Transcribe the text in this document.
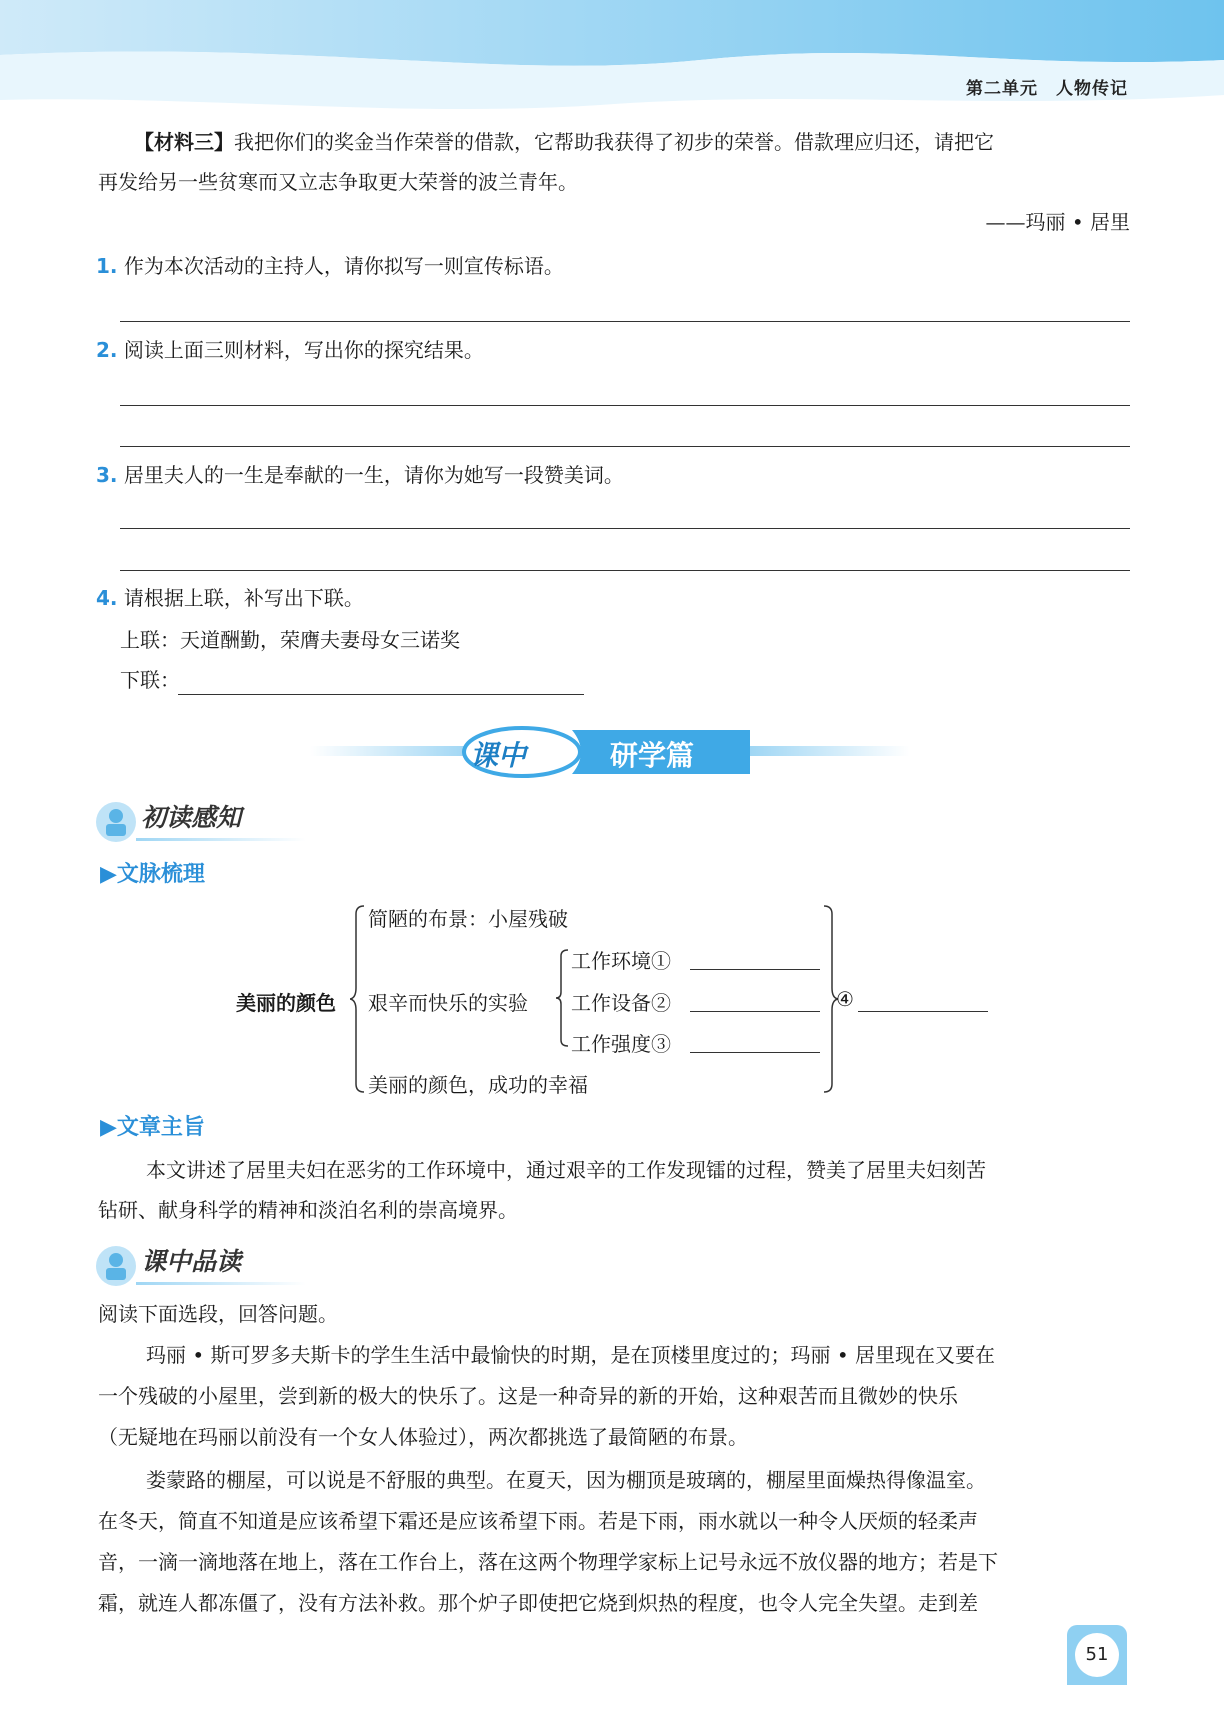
第二单元 人物传记
【材料三】我把你们的奖金当作荣誉的借款，它帮助我获得了初步的荣誉。借款理应归还，请把它
再发给另一些贫寒而又立志争取更大荣誉的波兰青年。
——玛丽 • 居里
1. 作为本次活动的主持人，请你拟写一则宣传标语。
2. 阅读上面三则材料，写出你的探究结果。
3. 居里夫人的一生是奉献的一生，请你为她写一段赞美词。
4. 请根据上联，补写出下联。
上联：天道酬勤，荣膺夫妻母女三诺奖
下联：
课中	研学篇
初读感知
▶文脉梳理
美丽的颜色
简陋的布景：小屋残破
艰辛而快乐的实验
美丽的颜色，成功的幸福
工作环境①
工作设备②
工作强度③
④
▶文章主旨
本文讲述了居里夫妇在恶劣的工作环境中，通过艰辛的工作发现镭的过程，赞美了居里夫妇刻苦
钻研、献身科学的精神和淡泊名利的崇高境界。
课中品读
阅读下面选段，回答问题。
玛丽 • 斯可罗多夫斯卡的学生生活中最愉快的时期，是在顶楼里度过的；玛丽 • 居里现在又要在
一个残破的小屋里，尝到新的极大的快乐了。这是一种奇异的新的开始，这种艰苦而且微妙的快乐
（无疑地在玛丽以前没有一个女人体验过），两次都挑选了最简陋的布景。
娄蒙路的棚屋，可以说是不舒服的典型。在夏天，因为棚顶是玻璃的，棚屋里面燥热得像温室。
在冬天，简直不知道是应该希望下霜还是应该希望下雨。若是下雨，雨水就以一种令人厌烦的轻柔声
音，一滴一滴地落在地上，落在工作台上，落在这两个物理学家标上记号永远不放仪器的地方；若是下
霜，就连人都冻僵了，没有方法补救。那个炉子即使把它烧到炽热的程度，也令人完全失望。走到差
51
